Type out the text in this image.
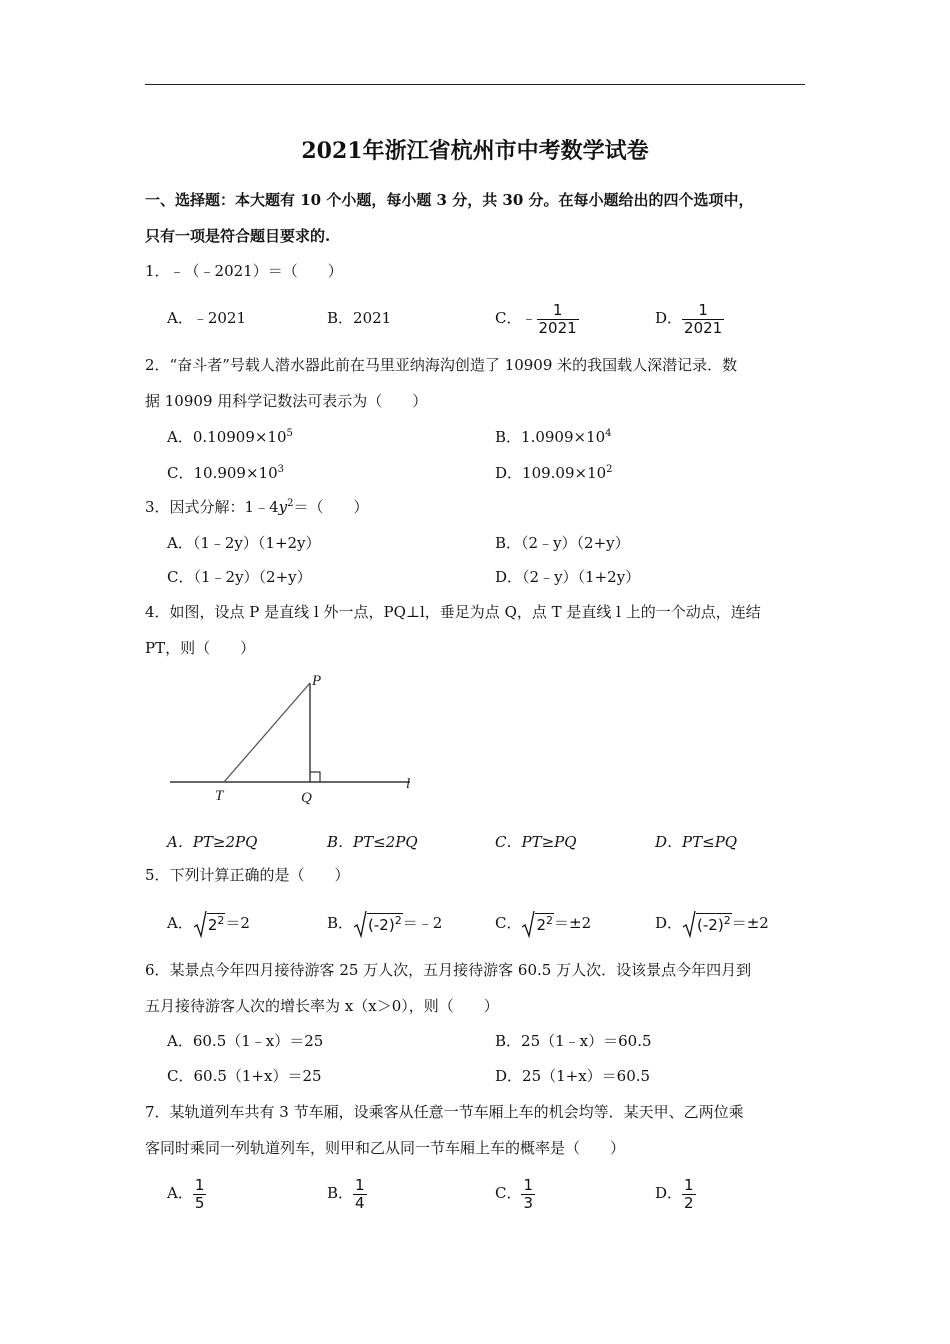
2021年浙江省杭州市中考数学试卷
一、选择题：本大题有 10 个小题，每小题 3 分，共 30 分。在每小题给出的四个选项中，
只有一项是符合题目要求的.
1．﹣（﹣2021）＝（　　）
A．﹣2021	B．2021	C．﹣ $\frac{1}{2021}$	D． $\frac{1}{2021}$
2．“奋斗者”号载人潜水器此前在马里亚纳海沟创造了 10909 米的我国载人深潜记录．数
据 10909 用科学记数法可表示为（　　）
A．$0.10909\times 10^5$	B．$1.0909\times 10^4$
C．$10.909\times 10^3$	D．$109.09\times 10^2$
3．因式分解：$1﹣4y^2=$（　　）
A．（1﹣2y）（1+2y）	B．（2﹣y）（2+y）
C．（1﹣2y）（2+y）	D．（2﹣y）（1+2y）
4．如图，设点 P 是直线 l 外一点，PQ⊥l，垂足为点 Q，点 T 是直线 l 上的一个动点，连结
PT，则（　　）
P
T	Q
l
A．PT≥2PQ	B．PT≤2PQ	C．PT≥PQ	D．PT≤PQ
5．下列计算正确的是（　　）
A． $2^2=2$	B． $(-2)^2=﹣2$	C． $2^2=\pm 2$	D． $(-2)^2=\pm 2$
6．某景点今年四月接待游客 25 万人次，五月接待游客 60.5 万人次．设该景点今年四月到
五月接待游客人次的增长率为 x（x＞0），则（　　）
A．60.5（1﹣x）＝25	B．25（1﹣x）＝60.5
C．60.5（1+x）＝25	D．25（1+x）＝60.5
7．某轨道列车共有 3 节车厢，设乘客从任意一节车厢上车的机会均等．某天甲、乙两位乘
客同时乘同一列轨道列车，则甲和乙从同一节车厢上车的概率是（　　）
A． $\frac{1}{5}$	B． $\frac{1}{4}$	C． $\frac{1}{3}$	D． $\frac{1}{2}$
